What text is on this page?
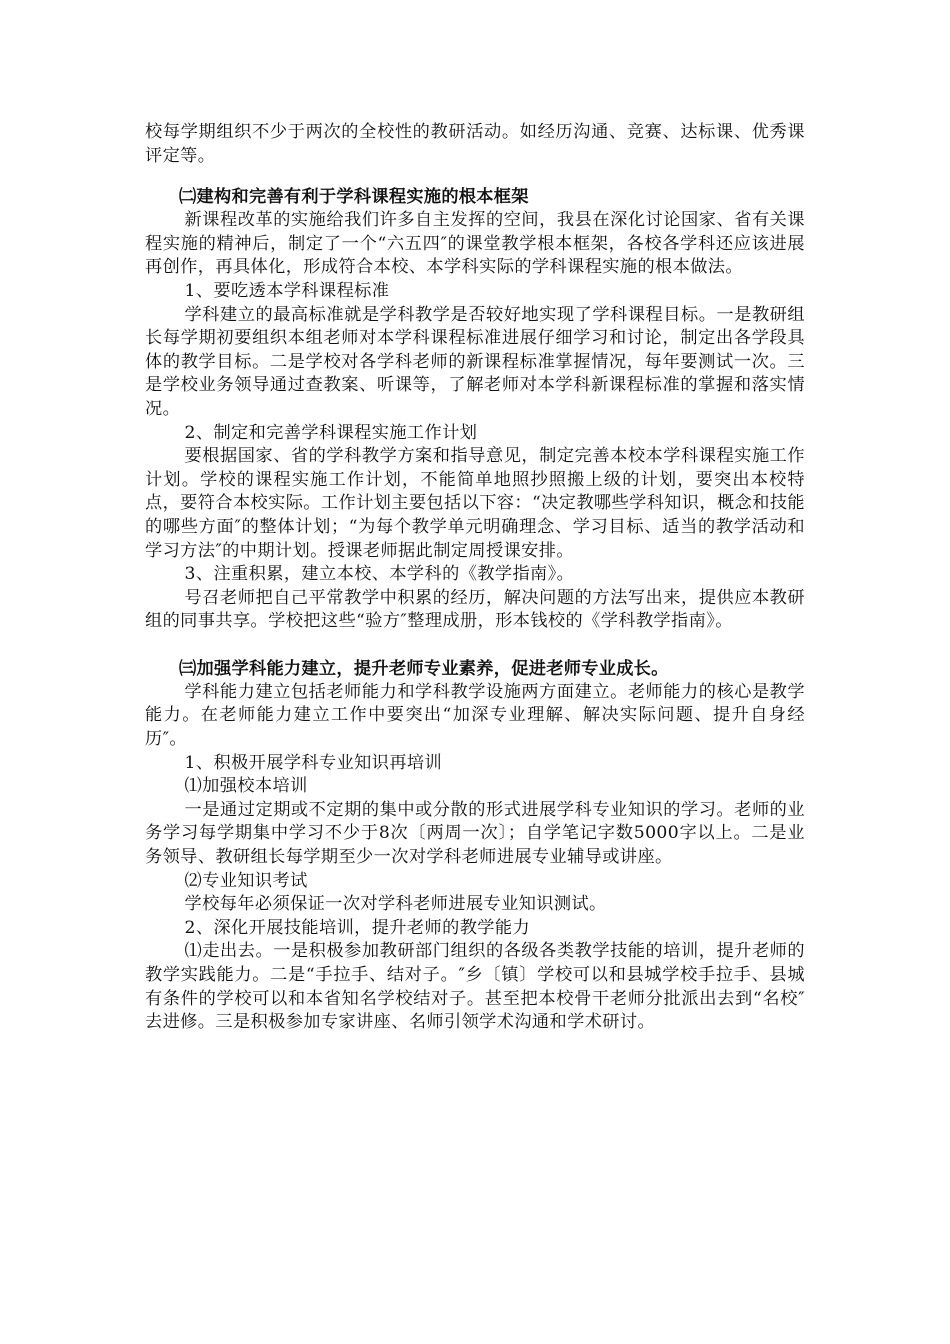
校每学期组织不少于两次的全校性的教研活动。如经历沟通、竞赛、达标课、优秀课评定等。

㈡建构和完善有利于学科课程实施的根本框架

新课程改革的实施给我们许多自主发挥的空间，我县在深化讨论国家、省有关课程实施的精神后，制定了一个“六五四″的课堂教学根本框架，各校各学科还应该进展再创作，再具体化，形成符合本校、本学科实际的学科课程实施的根本做法。

1、要吃透本学科课程标准

学科建立的最高标准就是学科教学是否较好地实现了学科课程目标。一是教研组长每学期初要组织本组老师对本学科课程标准进展仔细学习和讨论，制定出各学段具体的教学目标。二是学校对各学科老师的新课程标准掌握情况，每年要测试一次。三是学校业务领导通过查教案、听课等，了解老师对本学科新课程标准的掌握和落实情况。

2、制定和完善学科课程实施工作计划

要根据国家、省的学科教学方案和指导意见，制定完善本校本学科课程实施工作计划。学校的课程实施工作计划，不能简单地照抄照搬上级的计划，要突出本校特点，要符合本校实际。工作计划主要包括以下容：“决定教哪些学科知识，概念和技能的哪些方面″的整体计划；“为每个教学单元明确理念、学习目标、适当的教学活动和学习方法″的中期计划。授课老师据此制定周授课安排。

3、注重积累，建立本校、本学科的《教学指南》。

号召老师把自己平常教学中积累的经历，解决问题的方法写出来，提供应本教研组的同事共享。学校把这些“验方″整理成册，形本钱校的《学科教学指南》。

㈢加强学科能力建立，提升老师专业素养，促进老师专业成长。

学科能力建立包括老师能力和学科教学设施两方面建立。老师能力的核心是教学能力。在老师能力建立工作中要突出“加深专业理解、解决实际问题、提升自身经历″。

1、积极开展学科专业知识再培训

⑴加强校本培训

一是通过定期或不定期的集中或分散的形式进展学科专业知识的学习。老师的业务学习每学期集中学习不少于8次〔两周一次〕；自学笔记字数5000字以上。二是业务领导、教研组长每学期至少一次对学科老师进展专业辅导或讲座。

⑵专业知识考试

学校每年必须保证一次对学科老师进展专业知识测试。

2、深化开展技能培训，提升老师的教学能力

⑴走出去。一是积极参加教研部门组织的各级各类教学技能的培训，提升老师的教学实践能力。二是“手拉手、结对子。″乡〔镇〕学校可以和县城学校手拉手、县城有条件的学校可以和本省知名学校结对子。甚至把本校骨干老师分批派出去到“名校″去进修。三是积极参加专家讲座、名师引领学术沟通和学术研讨。
